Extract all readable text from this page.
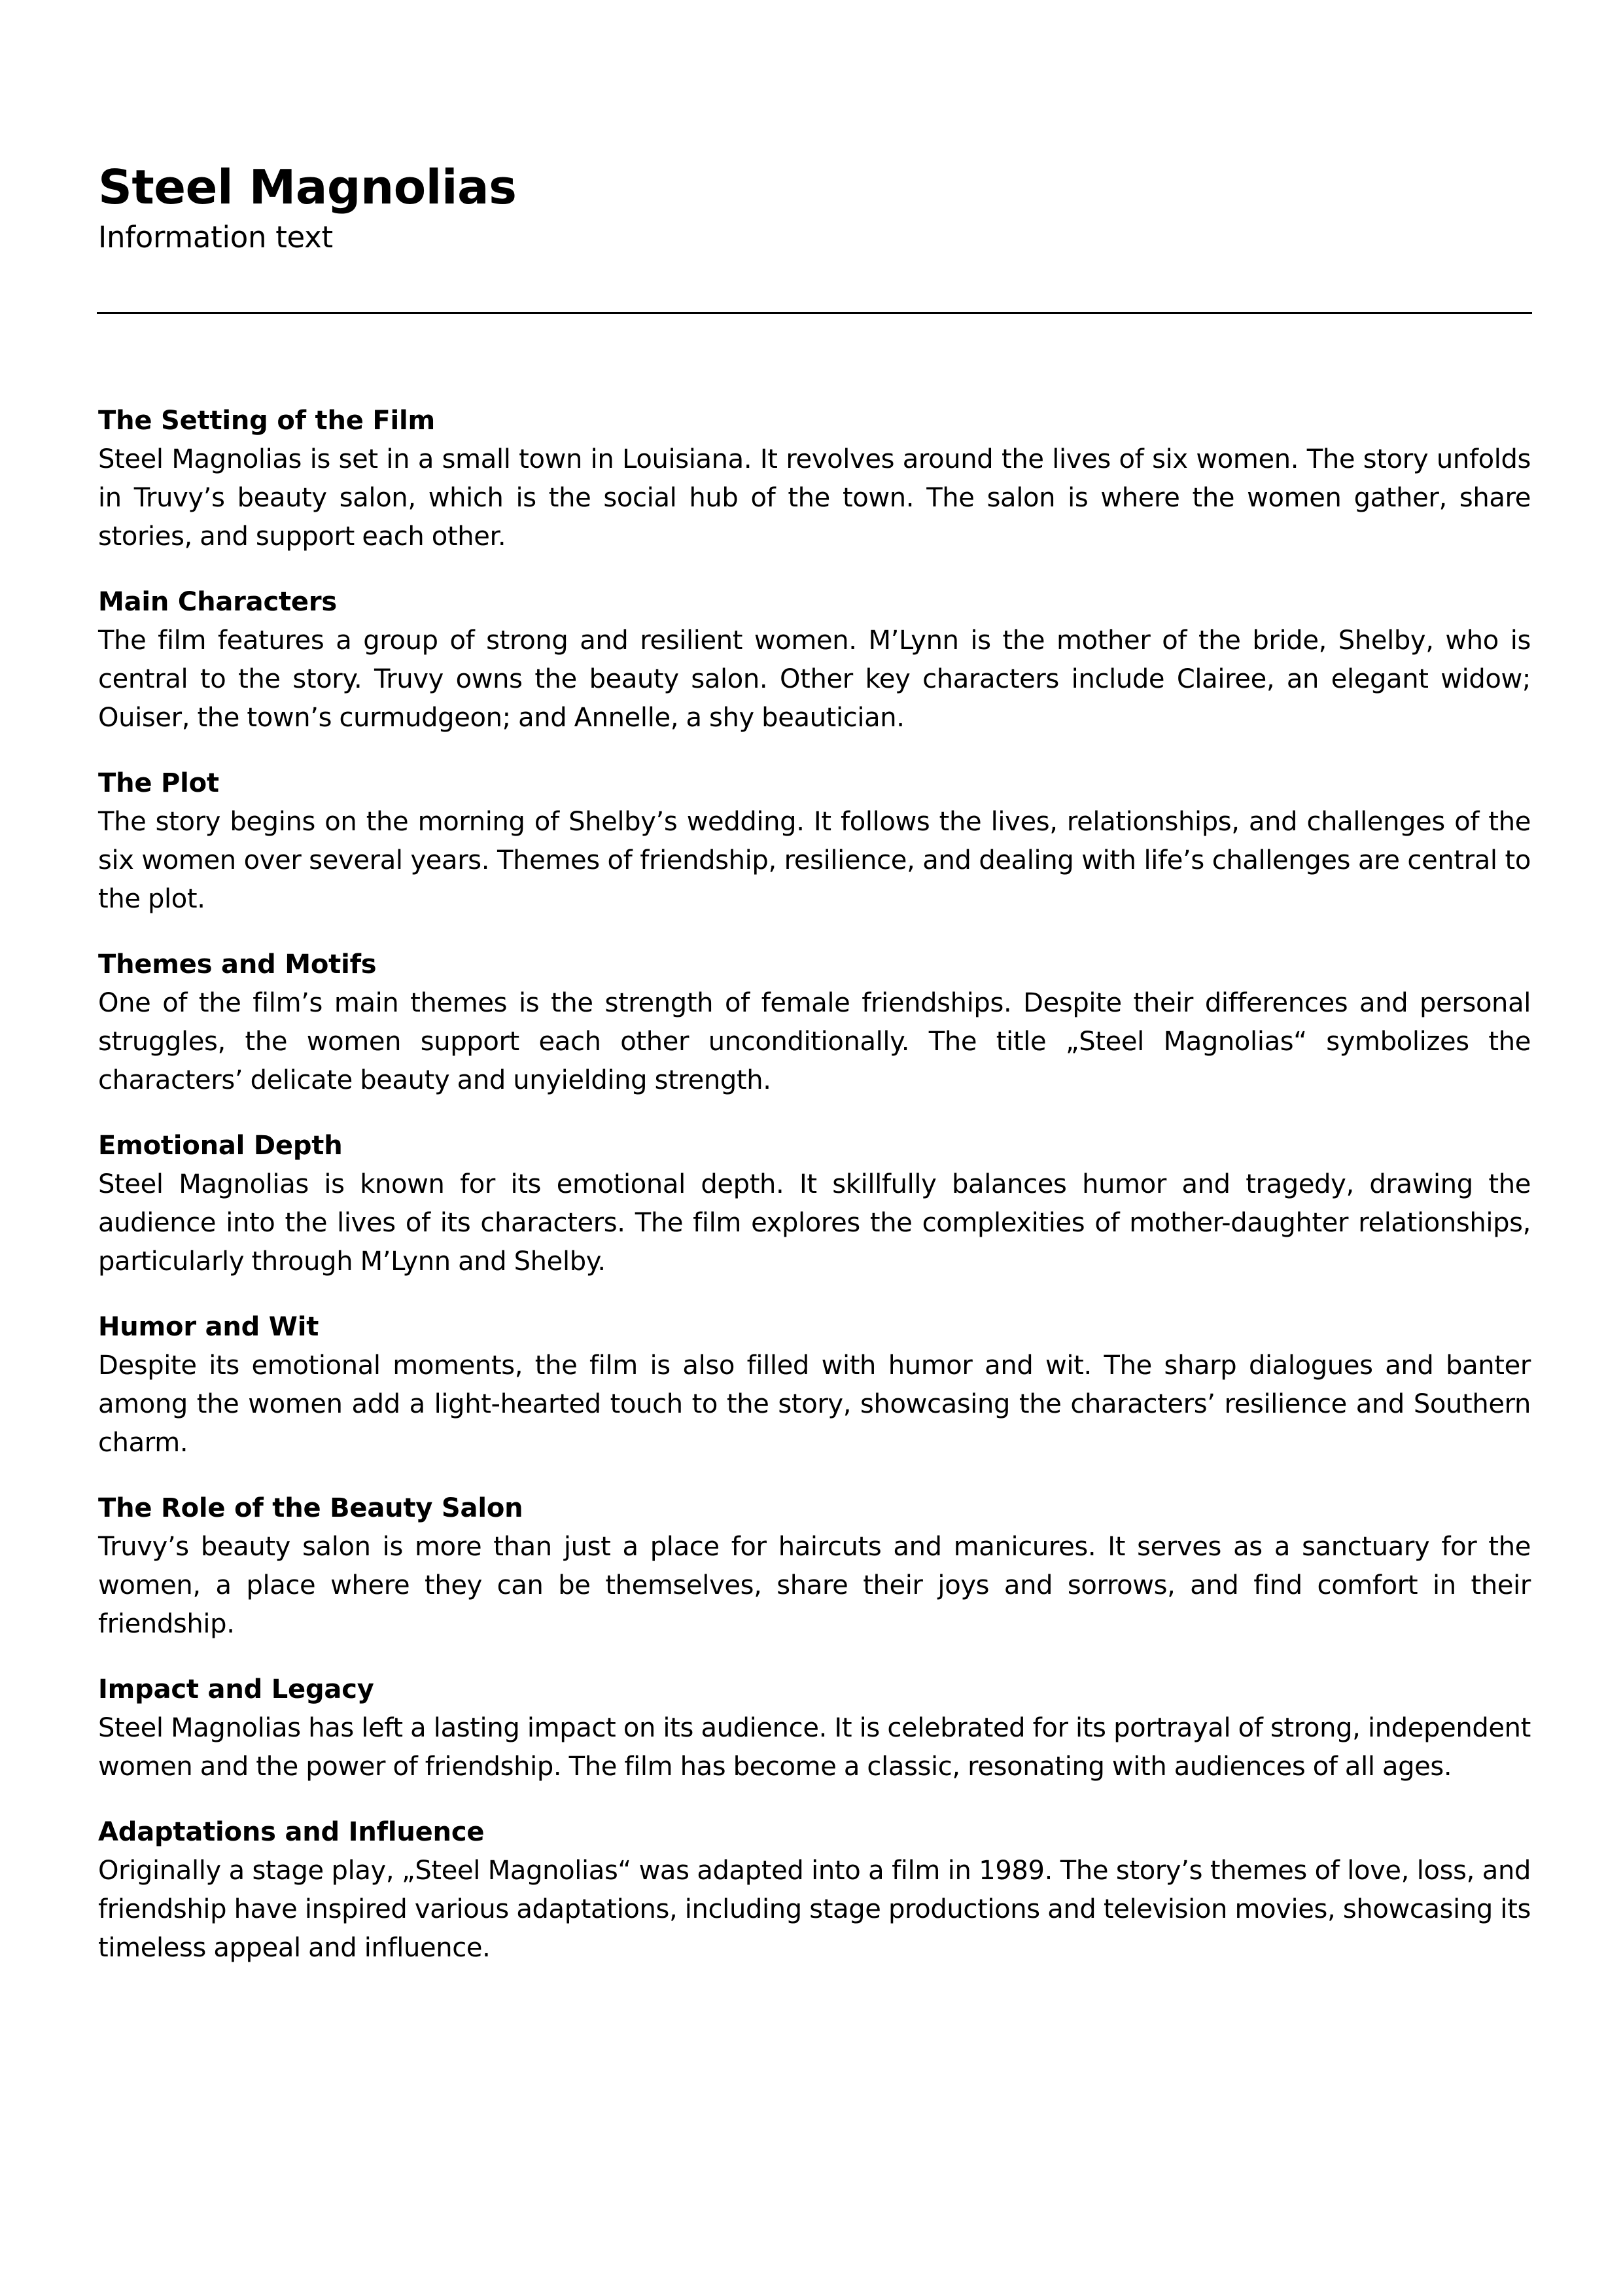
Steel Magnolias

Information text

The Setting of the Film

Steel Magnolias is set in a small town in Louisiana. It revolves around the lives of six women. The story unfolds in Truvy’s beauty salon, which is the social hub of the town. The salon is where the women gather, share stories, and support each other.

Main Characters

The film features a group of strong and resilient women. M’Lynn is the mother of the bride, Shelby, who is central to the story. Truvy owns the beauty salon. Other key characters include Clairee, an elegant widow; Ouiser, the town’s curmudgeon; and Annelle, a shy beautician.

The Plot

The story begins on the morning of Shelby’s wedding. It follows the lives, relationships, and challenges of the six women over several years. Themes of friendship, resilience, and dealing with life’s challenges are central to the plot.

Themes and Motifs

One of the film’s main themes is the strength of female friendships. Despite their differences and personal struggles, the women support each other unconditionally. The title „Steel Magnolias“ symbolizes the characters’ delicate beauty and unyielding strength.

Emotional Depth

Steel Magnolias is known for its emotional depth. It skillfully balances humor and tragedy, drawing the audience into the lives of its characters. The film explores the complexities of mother-daughter relationships, particularly through M’Lynn and Shelby.

Humor and Wit

Despite its emotional moments, the film is also filled with humor and wit. The sharp dialogues and banter among the women add a light-hearted touch to the story, showcasing the characters’ resilience and Southern charm.

The Role of the Beauty Salon

Truvy’s beauty salon is more than just a place for haircuts and manicures. It serves as a sanctuary for the women, a place where they can be themselves, share their joys and sorrows, and find comfort in their friendship.

Impact and Legacy

Steel Magnolias has left a lasting impact on its audience. It is celebrated for its portrayal of strong, independent women and the power of friendship. The film has become a classic, resonating with audiences of all ages.

Adaptations and Influence

Originally a stage play, „Steel Magnolias“ was adapted into a film in 1989. The story’s themes of love, loss, and friendship have inspired various adaptations, including stage productions and television movies, showcasing its timeless appeal and influence.
